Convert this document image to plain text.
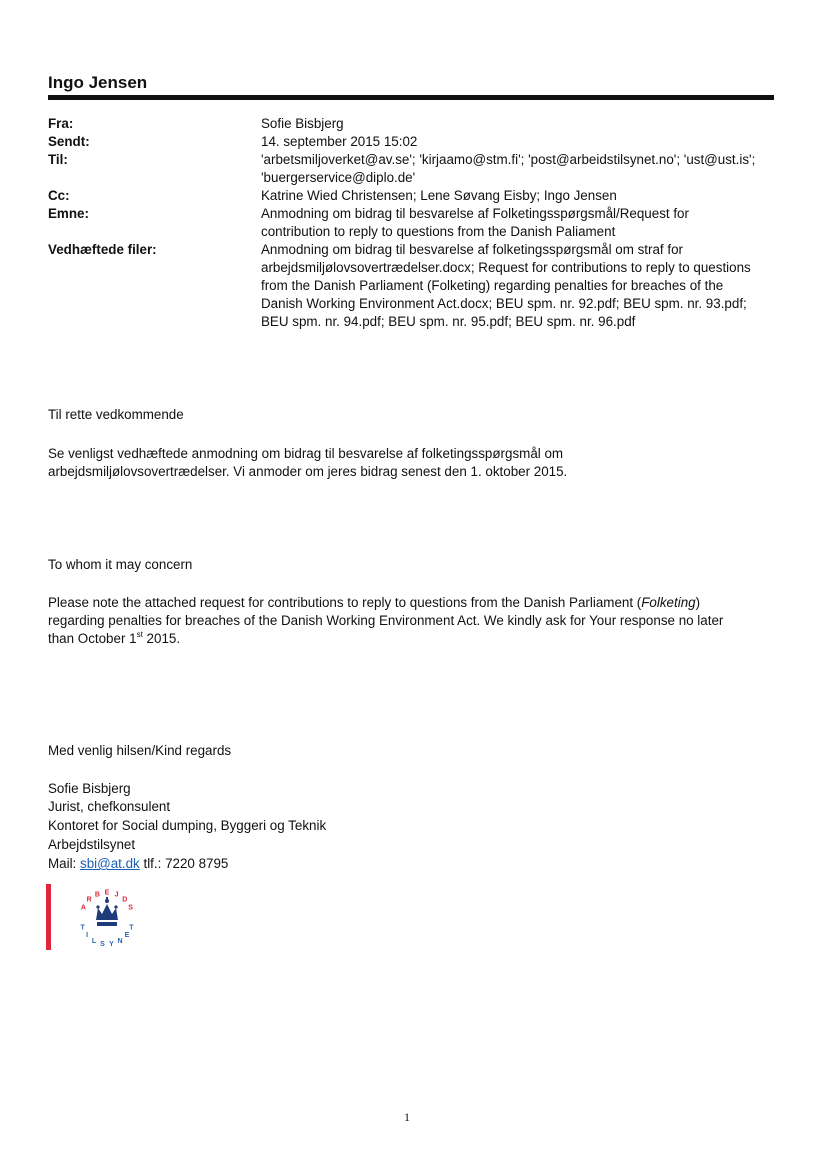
Ingo Jensen
Fra:	Sofie Bisbjerg
Sendt:	14. september 2015 15:02
Til:	'arbetsmiljoverket@av.se'; 'kirjaamo@stm.fi'; 'post@arbeidstilsynet.no'; 'ust@ust.is';
'buergerservice@diplo.de'
Cc:	Katrine Wied Christensen; Lene Søvang Eisby; Ingo Jensen
Emne:	Anmodning om bidrag til besvarelse af Folketingsspørgsmål/Request for
contribution to reply to questions from the Danish Paliament
Vedhæftede filer:	Anmodning om bidrag til besvarelse af folketingsspørgsmål om straf for
arbejdsmiljølovsovertrædelser.docx; Request for contributions to reply to questions
from the Danish Parliament (Folketing) regarding penalties for breaches of the
Danish Working Environment Act.docx; BEU spm. nr. 92.pdf; BEU spm. nr. 93.pdf;
BEU spm. nr. 94.pdf; BEU spm. nr. 95.pdf; BEU spm. nr. 96.pdf
Til rette vedkommende
Se venligst vedhæftede anmodning om bidrag til besvarelse af folketingsspørgsmål om
arbejdsmiljølovsovertrædelser. Vi anmoder om jeres bidrag senest den 1. oktober 2015.
To whom it may concern
Please note the attached request for contributions to reply to questions from the Danish Parliament (Folketing)
regarding penalties for breaches of the Danish Working Environment Act. We kindly ask for Your response no later
than October 1st 2015.
Med venlig hilsen/Kind regards
Sofie Bisbjerg
Jurist, chefkonsulent
Kontoret for Social dumping, Byggeri og Teknik
Arbejdstilsynet
Mail: sbi@at.dk tlf.: 7220 8795
A
R
B E J
D
S
T
I
L S Y N
E
T
1
